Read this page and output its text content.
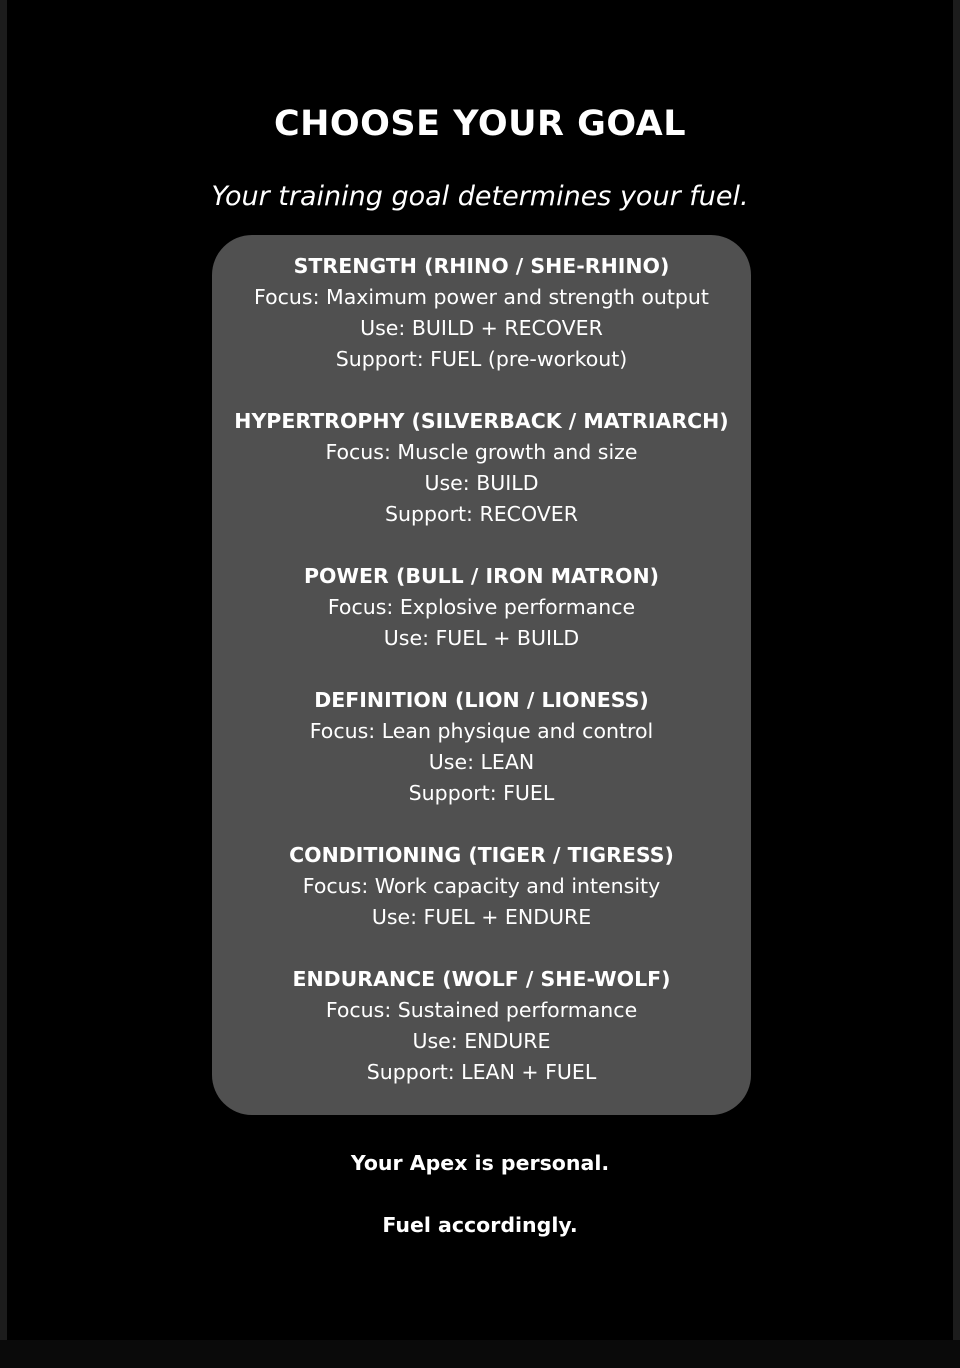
CHOOSE YOUR GOAL
Your training goal determines your fuel.
STRENGTH (RHINO / SHE-RHINO)
Focus: Maximum power and strength output
Use: BUILD + RECOVER
Support: FUEL (pre-workout)
HYPERTROPHY (SILVERBACK / MATRIARCH)
Focus: Muscle growth and size
Use: BUILD
Support: RECOVER
POWER (BULL / IRON MATRON)
Focus: Explosive performance
Use: FUEL + BUILD
DEFINITION (LION / LIONESS)
Focus: Lean physique and control
Use: LEAN
Support: FUEL
CONDITIONING (TIGER / TIGRESS)
Focus: Work capacity and intensity
Use: FUEL + ENDURE
ENDURANCE (WOLF / SHE-WOLF)
Focus: Sustained performance
Use: ENDURE
Support: LEAN + FUEL
Your Apex is personal.
Fuel accordingly.
